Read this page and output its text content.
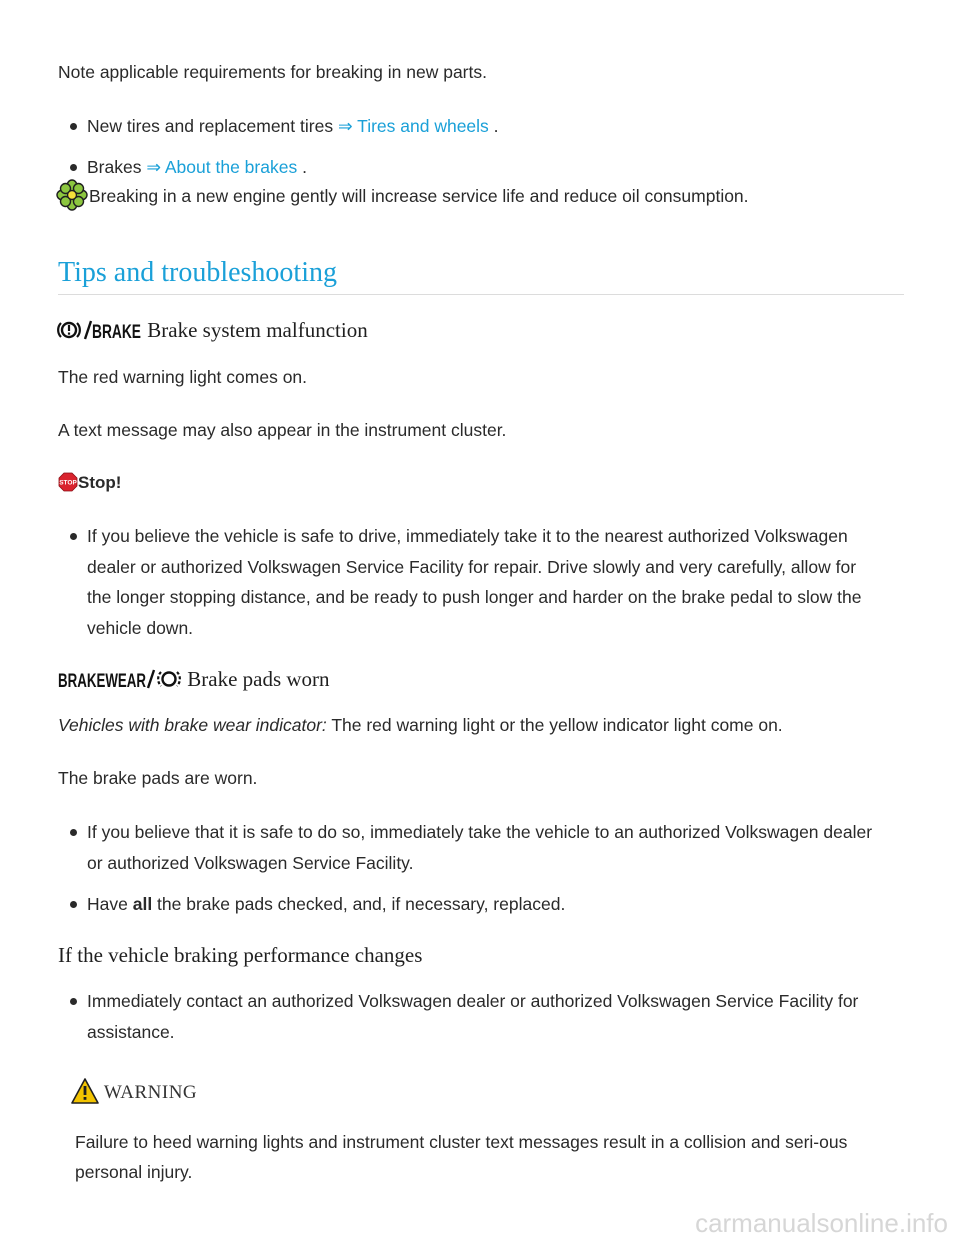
Note applicable requirements for breaking in new parts.

New tires and replacement tires ⇒ Tires and wheels .
Brakes ⇒ About the brakes .

Breaking in a new engine gently will increase service life and reduce oil consumption.

Tips and troubleshooting
BRAKE Brake system malfunction

The red warning light comes on.

A text message may also appear in the instrument cluster.

STOP Stop!

If you believe the vehicle is safe to drive, immediately take it to the nearest authorized Volkswagen dealer or authorized Volkswagen Service Facility for repair. Drive slowly and very carefully, allow for the longer stopping distance, and be ready to push longer and harder on the brake pedal to slow the vehicle down.
BRAKEWEAR Brake pads worn

Vehicles with brake wear indicator: The red warning light or the yellow indicator light come on.

The brake pads are worn.

If you believe that it is safe to do so, immediately take the vehicle to an authorized Volkswagen dealer or authorized Volkswagen Service Facility.
Have all the brake pads checked, and, if necessary, replaced.
If the vehicle braking performance changes
Immediately contact an authorized Volkswagen dealer or authorized Volkswagen Service Facility for assistance.

WARNING

Failure to heed warning lights and instrument cluster text messages result in a collision and seri-ous personal injury.

carmanualsonline.info
